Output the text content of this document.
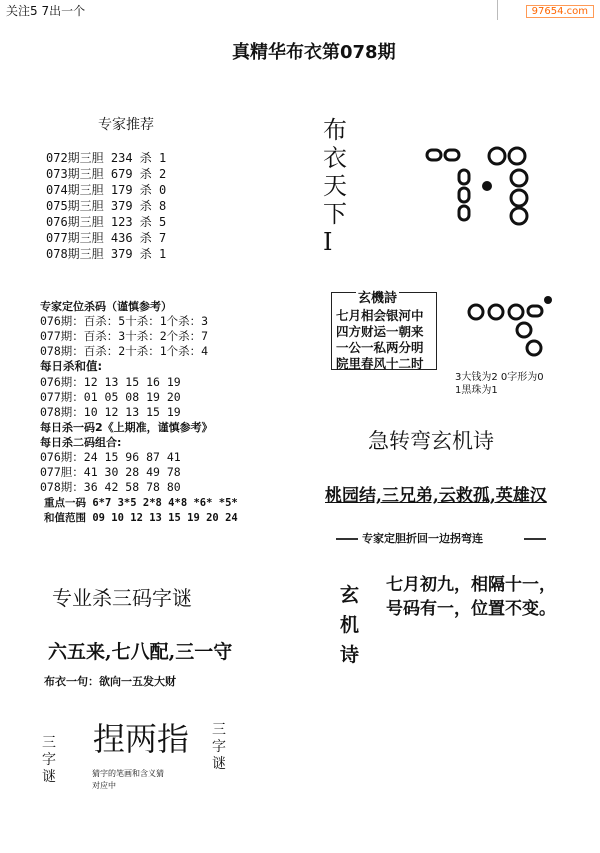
关注5 7出一个	97654.com
真精华布衣第078期
专家推荐
072期三胆 234 杀 1
073期三胆 679 杀 2
074期三胆 179 杀 0
075期三胆 379 杀 8
076期三胆 123 杀 5
077期三胆 436 杀 7
078期三胆 379 杀 1
专家定位杀码（谨慎参考）
076期：百杀：5十杀：1个杀：3
077期：百杀：3十杀：2个杀：7
078期：百杀：2十杀：1个杀：4
每日杀和值:
076期：12 13 15 16 19
077期：01 05 08 19 20
078期：10 12 13 15 19
每日杀一码2《上期准，谨慎参考》
每日杀二码组合:
076期：24 15 96 87 41
077胆：41 30 28 49 78
078期：36 42 58 78 80
重点一码 6*7 3*5 2*8 4*8 *6* *5*
和值范围 09 10 12 13 15 19 20 24
布
衣
天
下
I
玄機詩
七月相会银河中
四方财运一朝来
一公一私两分明
院里春风十二时
3大钱为2 0字形为0
1黑珠为1
急转弯玄机诗
桃园结,三兄弟,云救孤,英雄汉
专家定胆折回一边拐弯连
玄
机
诗
七月初九，相隔十一，
号码有一，位置不变。
专业杀三码字谜
六五来,七八配,三一守
布衣一句：欲向一五发大财
三
字
谜
捏两指 三
字
谜
猜字的笔画和含义猜
对应中
